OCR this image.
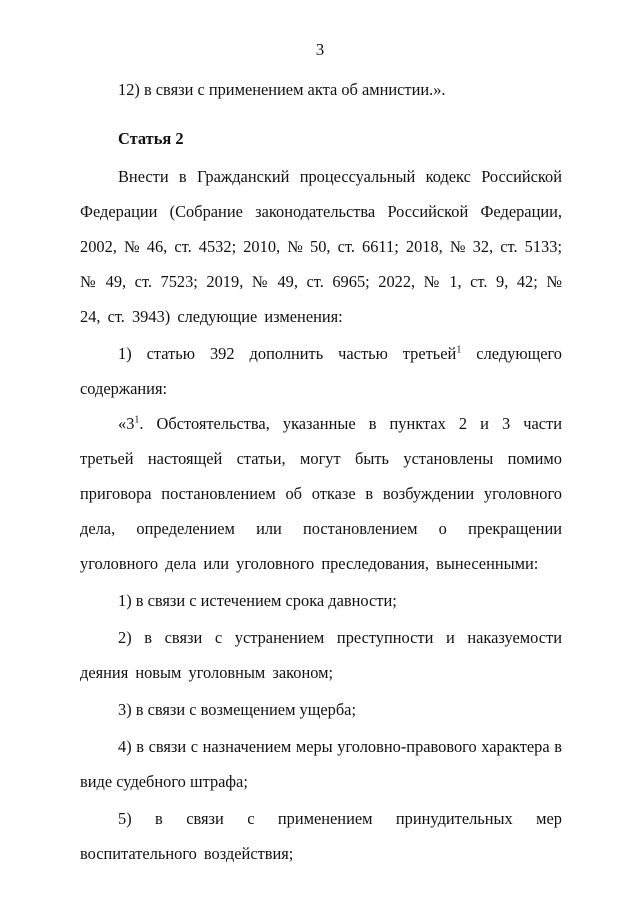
3

12) в связи с применением акта об амнистии.».

Статья 2

Внести в Гражданский процессуальный кодекс Российской Федерации (Собрание законодательства Российской Федерации, 2002, № 46, ст. 4532; 2010, № 50, ст. 6611; 2018, № 32, ст. 5133; № 49, ст. 7523; 2019, № 49, ст. 6965; 2022, № 1, ст. 9, 42; № 24, ст. 3943) следующие изменения:

1) статью 392 дополнить частью третьей$^1$ следующего содержания:

«$3^1$. Обстоятельства, указанные в пунктах 2 и 3 части третьей настоящей статьи, могут быть установлены помимо приговора постановлением об отказе в возбуждении уголовного дела, определением или постановлением о прекращении уголовного дела или уголовного преследования, вынесенными:

1) в связи с истечением срока давности;

2) в связи с устранением преступности и наказуемости деяния новым уголовным законом;

3) в связи с возмещением ущерба;

4) в связи с назначением меры уголовно-правового характера в виде судебного штрафа;

5) в связи с применением принудительных мер воспитательного воздействия;
